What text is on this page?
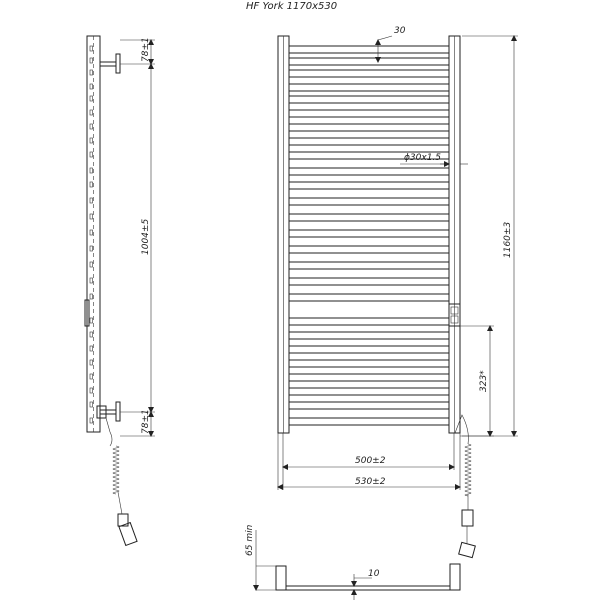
HF York 1170x530
78±1
1004±5
78±1
30
ϕ30x1.5
1160±3
323*
500±2
530±2
65 min
10
